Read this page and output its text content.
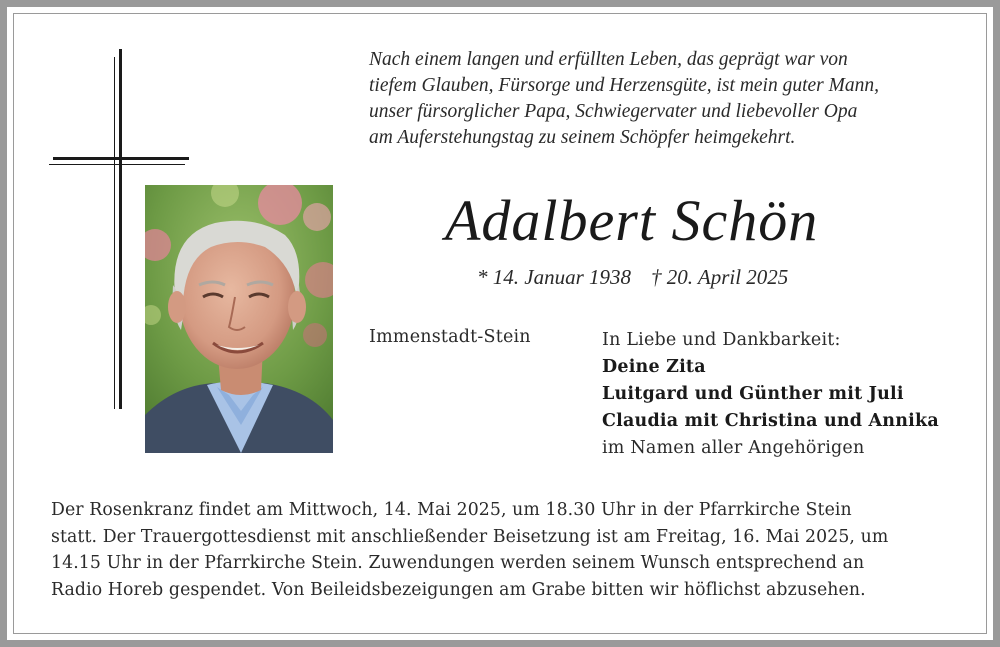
Nach einem langen und erfüllten Leben, das geprägt war von
tiefem Glauben, Fürsorge und Herzensgüte, ist mein guter Mann,
unser fürsorglicher Papa, Schwiegervater und liebevoller Opa
am Auferstehungstag zu seinem Schöpfer heimgekehrt.
Adalbert Schön
* 14. Januar 1938 † 20. April 2025
Immenstadt-Stein	In Liebe und Dankbarkeit:
Deine Zita
Luitgard und Günther mit Juli
Claudia mit Christina und Annika
im Namen aller Angehörigen
Der Rosenkranz findet am Mittwoch, 14. Mai 2025, um 18.30 Uhr in der Pfarrkirche Stein
statt. Der Trauergottesdienst mit anschließender Beisetzung ist am Freitag, 16. Mai 2025, um
14.15 Uhr in der Pfarrkirche Stein. Zuwendungen werden seinem Wunsch entsprechend an
Radio Horeb gespendet. Von Beileidsbezeigungen am Grabe bitten wir höflichst abzusehen.
